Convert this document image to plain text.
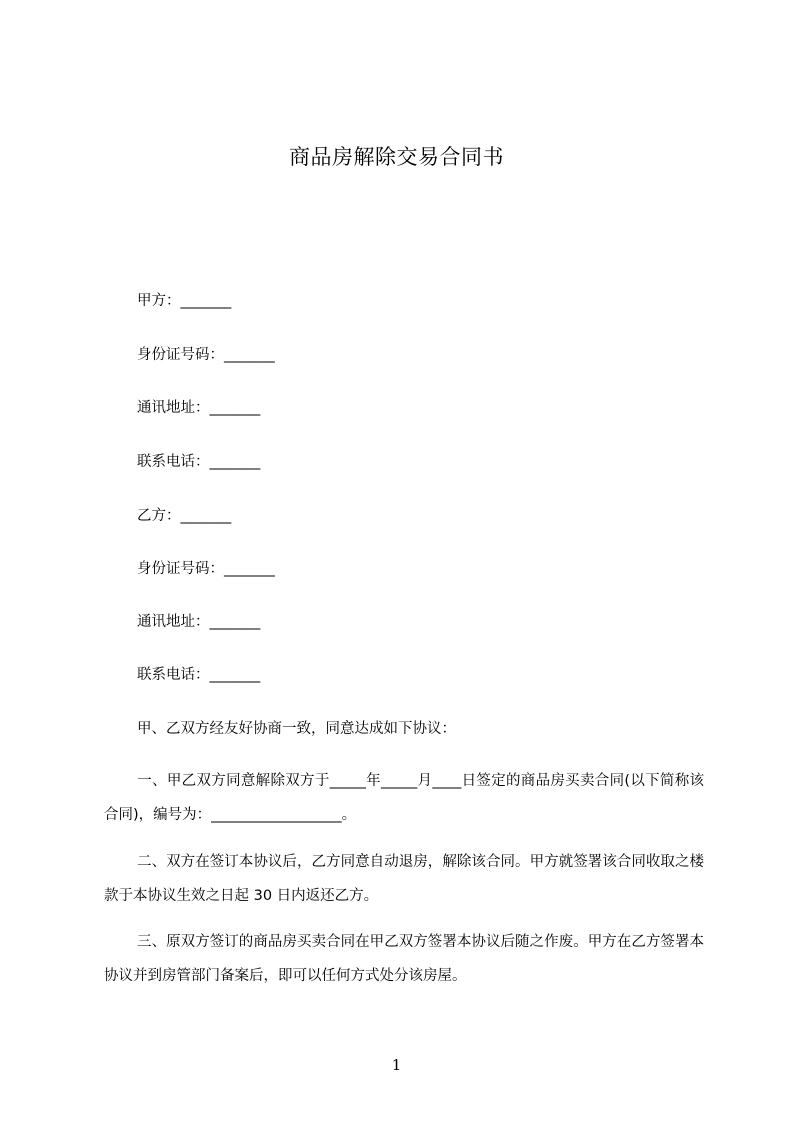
商品房解除交易合同书
甲方：_______
身份证号码：_______
通讯地址：_______
联系电话：_______
乙方：_______
身份证号码：_______
通讯地址：_______
联系电话：_______
甲、乙双方经友好协商一致，同意达成如下协议：
一、甲乙双方同意解除双方于_____年_____月____日签定的商品房买卖合同(以下简称该合同)，编号为：__________________。
二、双方在签订本协议后，乙方同意自动退房，解除该合同。甲方就签署该合同收取之楼款于本协议生效之日起 30 日内返还乙方。
三、原双方签订的商品房买卖合同在甲乙双方签署本协议后随之作废。甲方在乙方签署本协议并到房管部门备案后，即可以任何方式处分该房屋。
1
